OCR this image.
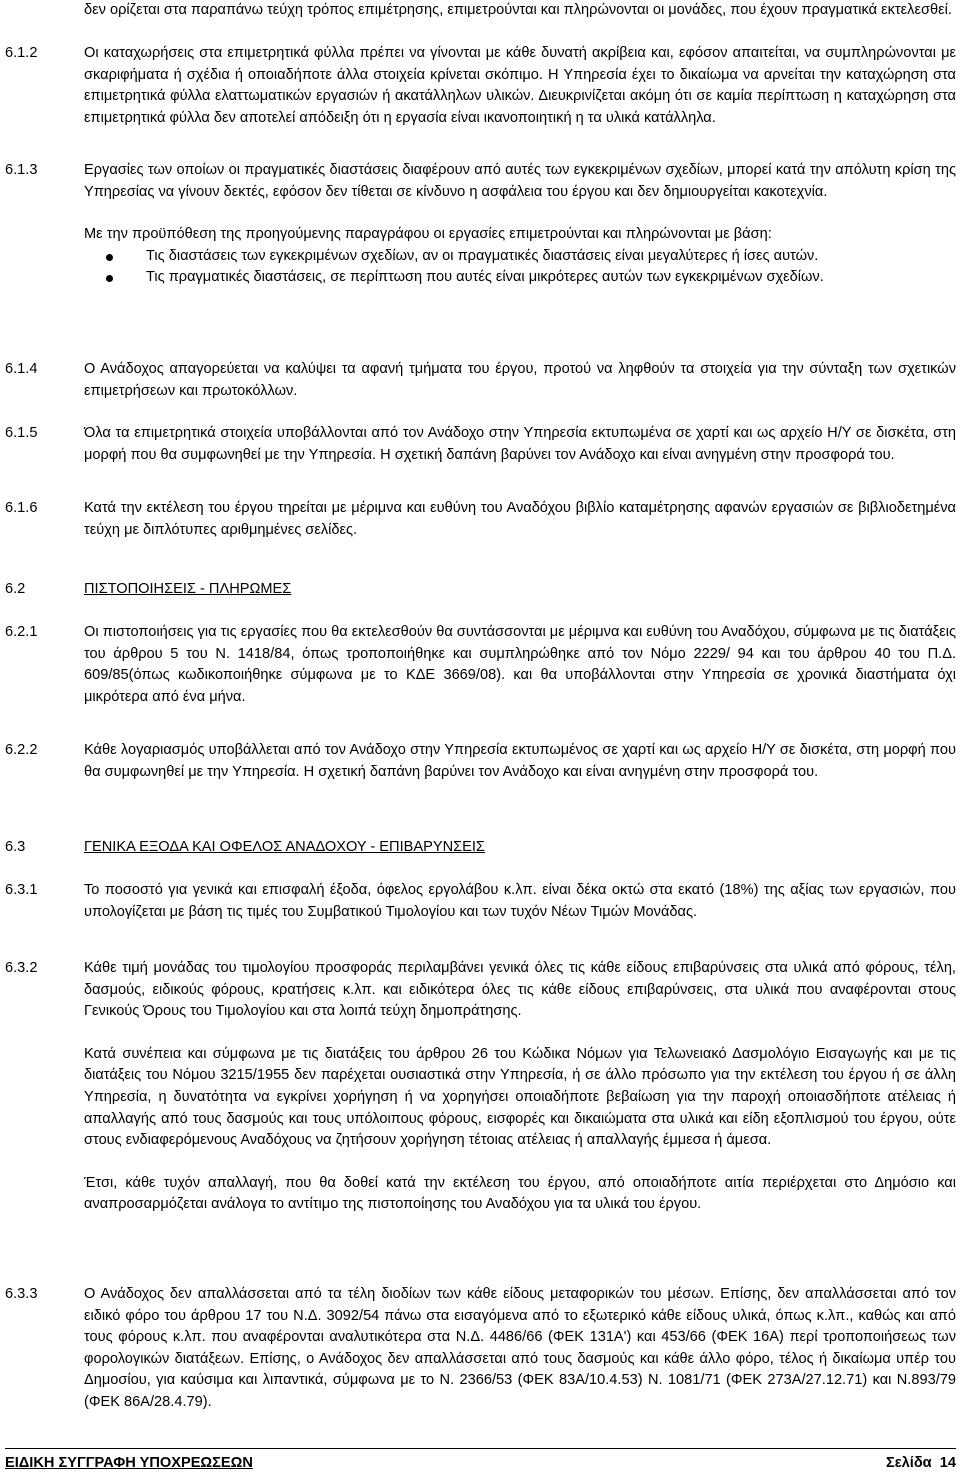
δεν ορίζεται στα παραπάνω τεύχη τρόπος επιμέτρησης, επιμετρούνται και πληρώνονται οι μονάδες, που έχουν πραγματικά εκτελεσθεί.

6.1.2	Οι καταχωρήσεις στα επιμετρητικά φύλλα πρέπει να γίνονται με κάθε δυνατή ακρίβεια και, εφόσον απαιτείται, να συμπληρώνονται με σκαριφήματα ή σχέδια ή οποιαδήποτε άλλα στοιχεία κρίνεται σκόπιμο. Η Υπηρεσία έχει το δικαίωμα να αρνείται την καταχώρηση στα επιμετρητικά φύλλα ελαττωματικών εργασιών ή ακατάλληλων υλικών. Διευκρινίζεται ακόμη ότι σε καμία περίπτωση η καταχώρηση στα επιμετρητικά φύλλα δεν αποτελεί απόδειξη ότι η εργασία είναι ικανοποιητική η τα υλικά κατάλληλα.

6.1.3	Εργασίες των οποίων οι πραγματικές διαστάσεις διαφέρουν από αυτές των εγκεκριμένων σχεδίων, μπορεί κατά την απόλυτη κρίση της Υπηρεσίας να γίνουν δεκτές, εφόσον δεν τίθεται σε κίνδυνο η ασφάλεια του έργου και δεν δημιουργείται κακοτεχνία.

Με την προϋπόθεση της προηγούμενης παραγράφου οι εργασίες επιμετρούνται και πληρώνονται με βάση:

Τις διαστάσεις των εγκεκριμένων σχεδίων, αν οι πραγματικές διαστάσεις είναι μεγαλύτερες ή ίσες αυτών.
Τις πραγματικές διαστάσεις, σε περίπτωση που αυτές είναι μικρότερες αυτών των εγκεκριμένων σχεδίων.
6.1.4	Ο Ανάδοχος απαγορεύεται να καλύψει τα αφανή τμήματα του έργου, προτού να ληφθούν τα στοιχεία για την σύνταξη των σχετικών επιμετρήσεων και πρωτοκόλλων.

6.1.5	Όλα τα επιμετρητικά στοιχεία υποβάλλονται από τον Ανάδοχο στην Υπηρεσία εκτυπωμένα σε χαρτί και ως αρχείο Η/Υ σε δισκέτα, στη μορφή που θα συμφωνηθεί με την Υπηρεσία. Η σχετική δαπάνη βαρύνει τον Ανάδοχο και είναι ανηγμένη στην προσφορά του.

6.1.6	Κατά την εκτέλεση του έργου τηρείται με μέριμνα και ευθύνη του Αναδόχου βιβλίο καταμέτρησης αφανών εργασιών σε βιβλιοδετημένα τεύχη με διπλότυπες αριθμημένες σελίδες.

6.2	ΠΙΣΤΟΠΟΙΗΣΕΙΣ - ΠΛΗΡΩΜΕΣ
6.2.1	Οι πιστοποιήσεις για τις εργασίες που θα εκτελεσθούν θα συντάσσονται με μέριμνα και ευθύνη του Αναδόχου, σύμφωνα με τις διατάξεις του άρθρου 5 του Ν. 1418/84, όπως τροποποιήθηκε και συμπληρώθηκε από τον Νόμο 2229/ 94 και του άρθρου 40 του Π.Δ. 609/85(όπως κωδικοποιήθηκε σύμφωνα με το ΚΔΕ 3669/08). και θα υποβάλλονται στην Υπηρεσία σε χρονικά διαστήματα όχι μικρότερα από ένα μήνα.

6.2.2	Κάθε λογαριασμός υποβάλλεται από τον Ανάδοχο στην Υπηρεσία εκτυπωμένος σε χαρτί και ως αρχείο Η/Υ σε δισκέτα, στη μορφή που θα συμφωνηθεί με την Υπηρεσία. Η σχετική δαπάνη βαρύνει τον Ανάδοχο και είναι ανηγμένη στην προσφορά του.

6.3	ΓΕΝΙΚΑ ΕΞΟΔΑ ΚΑΙ ΟΦΕΛΟΣ ΑΝΑΔΟΧΟΥ - ΕΠΙΒΑΡΥΝΣΕΙΣ
6.3.1	Το ποσοστό για γενικά και επισφαλή έξοδα, όφελος εργολάβου κ.λπ. είναι δέκα οκτώ στα εκατό (18%) της αξίας των εργασιών, που υπολογίζεται με βάση τις τιμές του Συμβατικού Τιμολογίου και των τυχόν Νέων Τιμών Μονάδας.

6.3.2	Κάθε τιμή μονάδας του τιμολογίου προσφοράς περιλαμβάνει γενικά όλες τις κάθε είδους επιβαρύνσεις στα υλικά από φόρους, τέλη, δασμούς, ειδικούς φόρους, κρατήσεις κ.λπ. και ειδικότερα όλες τις κάθε είδους επιβαρύνσεις, στα υλικά που αναφέρονται στους Γενικούς Όρους του Τιμολογίου και στα λοιπά τεύχη δημοπράτησης.

Κατά συνέπεια και σύμφωνα με τις διατάξεις του άρθρου 26 του Κώδικα Νόμων για Τελωνειακό Δασμολόγιο Εισαγωγής και με τις διατάξεις του Νόμου 3215/1955 δεν παρέχεται ουσιαστικά στην Υπηρεσία, ή σε άλλο πρόσωπο για την εκτέλεση του έργου ή σε άλλη Υπηρεσία, η δυνατότητα να εγκρίνει χορήγηση ή να χορηγήσει οποιαδήποτε βεβαίωση για την παροχή οποιασδήποτε ατέλειας ή απαλλαγής από τους δασμούς και τους υπόλοιπους φόρους, εισφορές και δικαιώματα στα υλικά και είδη εξοπλισμού του έργου, ούτε στους ενδιαφερόμενους Αναδόχους να ζητήσουν χορήγηση τέτοιας ατέλειας ή απαλλαγής έμμεσα ή άμεσα.

Έτσι, κάθε τυχόν απαλλαγή, που θα δοθεί κατά την εκτέλεση του έργου, από οποιαδήποτε αιτία περιέρχεται στο Δημόσιο και αναπροσαρμόζεται ανάλογα το αντίτιμο της πιστοποίησης του Αναδόχου για τα υλικά του έργου.

6.3.3	Ο Ανάδοχος δεν απαλλάσσεται από τα τέλη διοδίων των κάθε είδους μεταφορικών του μέσων. Επίσης, δεν απαλλάσσεται από τον ειδικό φόρο του άρθρου 17 του Ν.Δ. 3092/54 πάνω στα εισαγόμενα από το εξωτερικό κάθε είδους υλικά, όπως κ.λπ., καθώς και από τους φόρους κ.λπ. που αναφέρονται αναλυτικότερα στα Ν.Δ. 4486/66 (ΦΕΚ 131Α') και 453/66 (ΦΕΚ 16Α) περί τροποποιήσεως των φορολογικών διατάξεων. Επίσης, ο Ανάδοχος δεν απαλλάσσεται από τους δασμούς και κάθε άλλο φόρο, τέλος ή δικαίωμα υπέρ του Δημοσίου, για καύσιμα και λιπαντικά, σύμφωνα με το Ν. 2366/53 (ΦΕΚ 83Α/10.4.53) Ν. 1081/71 (ΦΕΚ 273Α/27.12.71) και Ν.893/79 (ΦΕΚ 86Α/28.4.79).

ΕΙΔΙΚΗ ΣΥΓΓΡΑΦΗ ΥΠΟΧΡΕΩΣΕΩΝ	Σελίδα 14
